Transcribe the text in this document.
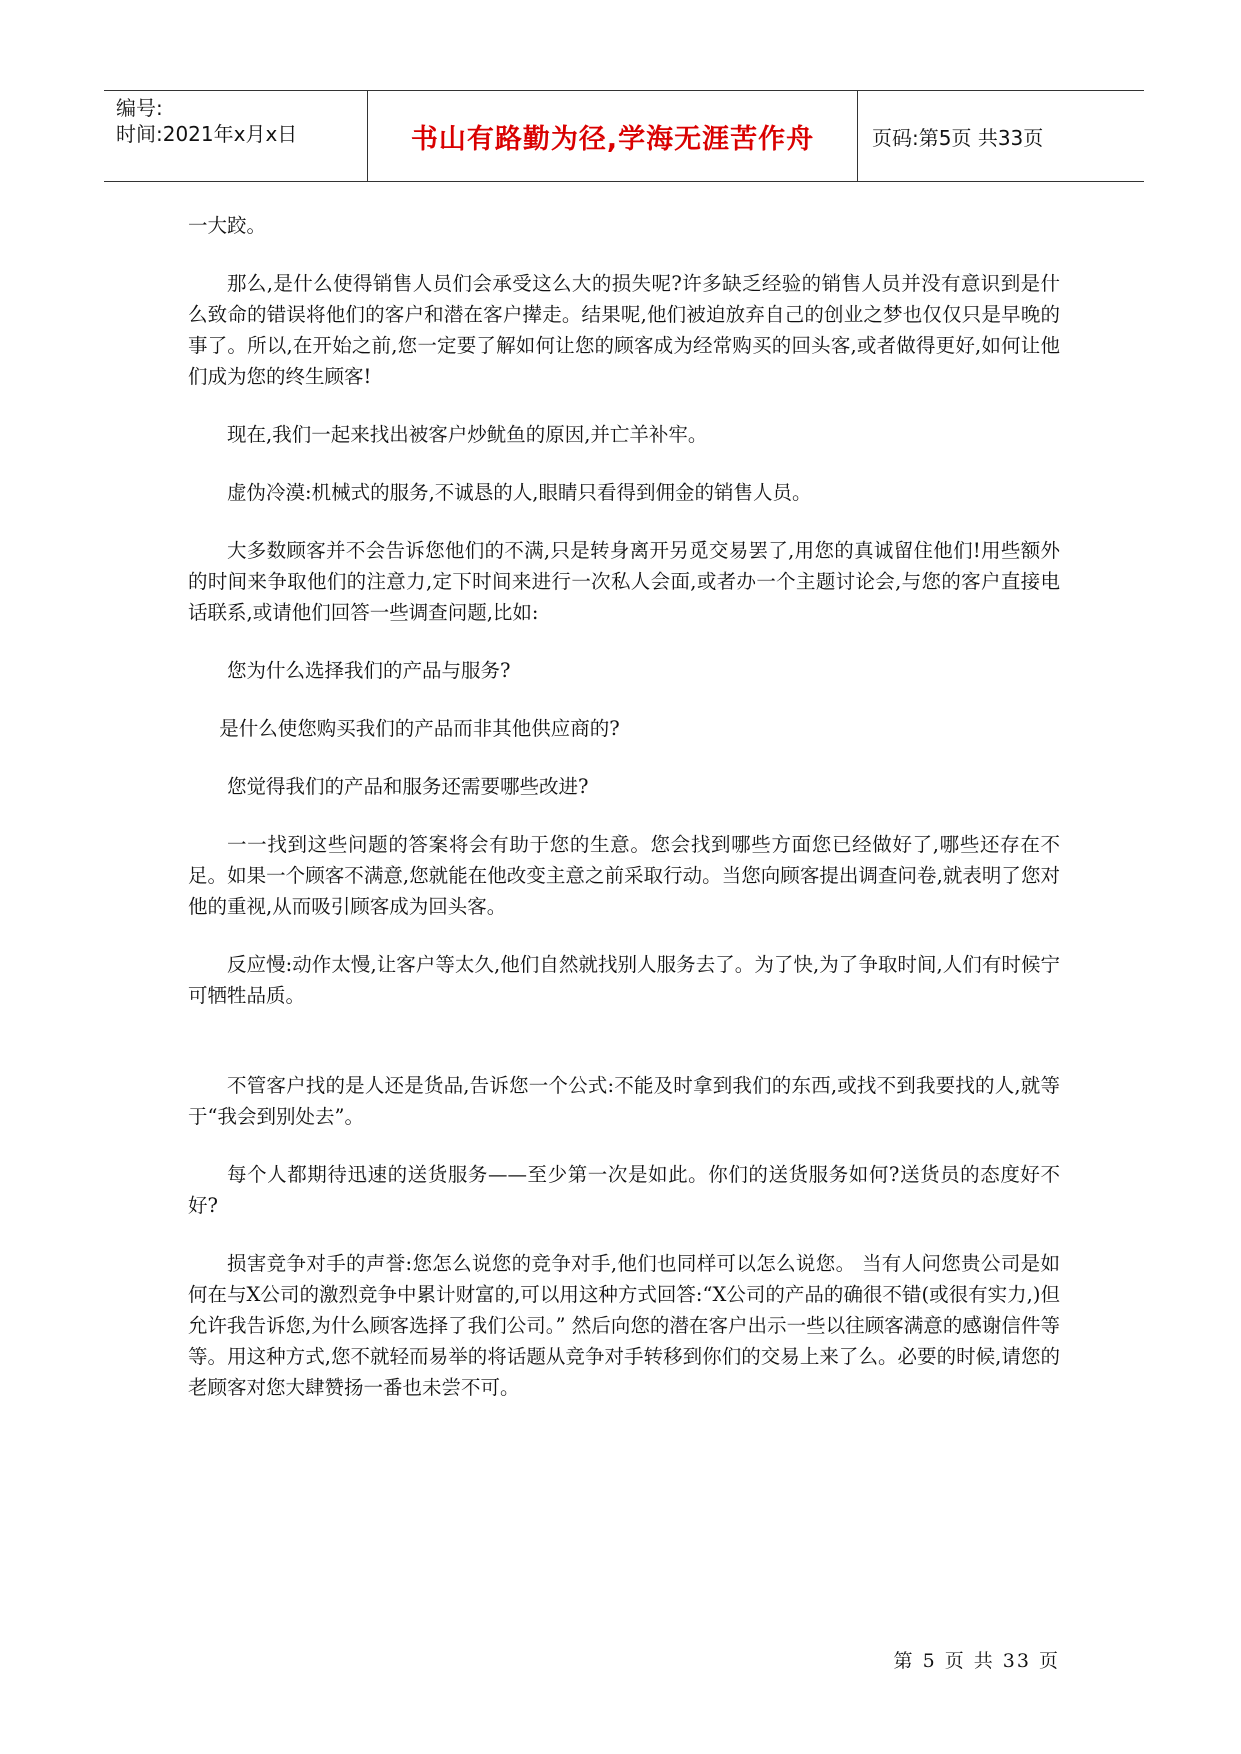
编号:
时间:2021年x月x日	书山有路勤为径,学海无涯苦作舟	页码:第5页 共33页

一大跤。

那么,是什么使得销售人员们会承受这么大的损失呢?许多缺乏经验的销售人员并没有意识到是什么致命的错误将他们的客户和潜在客户撵走。结果呢,他们被迫放弃自己的创业之梦也仅仅只是早晚的事了。所以,在开始之前,您一定要了解如何让您的顾客成为经常购买的回头客,或者做得更好,如何让他们成为您的终生顾客!

现在,我们一起来找出被客户炒鱿鱼的原因,并亡羊补牢。

虚伪冷漠:机械式的服务,不诚恳的人,眼睛只看得到佣金的销售人员。

大多数顾客并不会告诉您他们的不满,只是转身离开另觅交易罢了,用您的真诚留住他们!用些额外的时间来争取他们的注意力,定下时间来进行一次私人会面,或者办一个主题讨论会,与您的客户直接电话联系,或请他们回答一些调查问题,比如:

您为什么选择我们的产品与服务?

是什么使您购买我们的产品而非其他供应商的?

您觉得我们的产品和服务还需要哪些改进?

一一找到这些问题的答案将会有助于您的生意。您会找到哪些方面您已经做好了,哪些还存在不足。如果一个顾客不满意,您就能在他改变主意之前采取行动。当您向顾客提出调查问卷,就表明了您对他的重视,从而吸引顾客成为回头客。

反应慢:动作太慢,让客户等太久,他们自然就找别人服务去了。为了快,为了争取时间,人们有时候宁可牺牲品质。

不管客户找的是人还是货品,告诉您一个公式:不能及时拿到我们的东西,或找不到我要找的人,就等于“我会到别处去”。

每个人都期待迅速的送货服务——至少第一次是如此。你们的送货服务如何?送货员的态度好不好?

损害竞争对手的声誉:您怎么说您的竞争对手,他们也同样可以怎么说您。 当有人问您贵公司是如何在与X公司的激烈竞争中累计财富的,可以用这种方式回答:“X公司的产品的确很不错(或很有实力,)但允许我告诉您,为什么顾客选择了我们公司。” 然后向您的潜在客户出示一些以往顾客满意的感谢信件等等。用这种方式,您不就轻而易举的将话题从竞争对手转移到你们的交易上来了么。必要的时候,请您的老顾客对您大肆赞扬一番也未尝不可。

第 5 页 共 33 页
